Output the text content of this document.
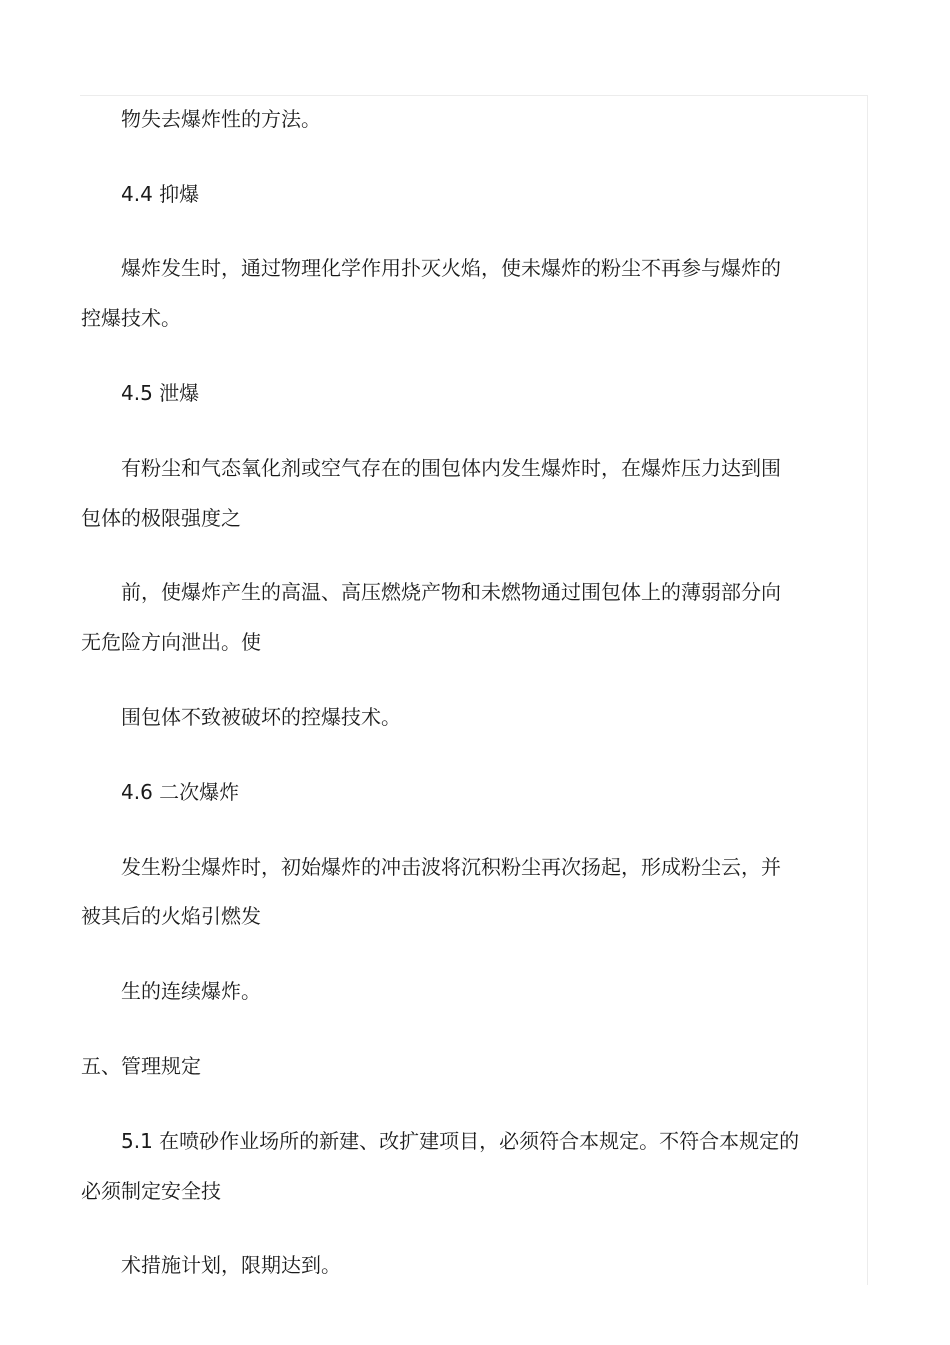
物失去爆炸性的方法。

4.4 抑爆

爆炸发生时，通过物理化学作用扑灭火焰，使未爆炸的粉尘不再参与爆炸的

控爆技术。

4.5 泄爆

有粉尘和气态氧化剂或空气存在的围包体内发生爆炸时，在爆炸压力达到围

包体的极限强度之

前，使爆炸产生的高温、高压燃烧产物和未燃物通过围包体上的薄弱部分向

无危险方向泄出。使

围包体不致被破坏的控爆技术。

4.6 二次爆炸

发生粉尘爆炸时，初始爆炸的冲击波将沉积粉尘再次扬起，形成粉尘云，并

被其后的火焰引燃发

生的连续爆炸。

五、管理规定

5.1 在喷砂作业场所的新建、改扩建项目，必须符合本规定。不符合本规定的

必须制定安全技

术措施计划，限期达到。
